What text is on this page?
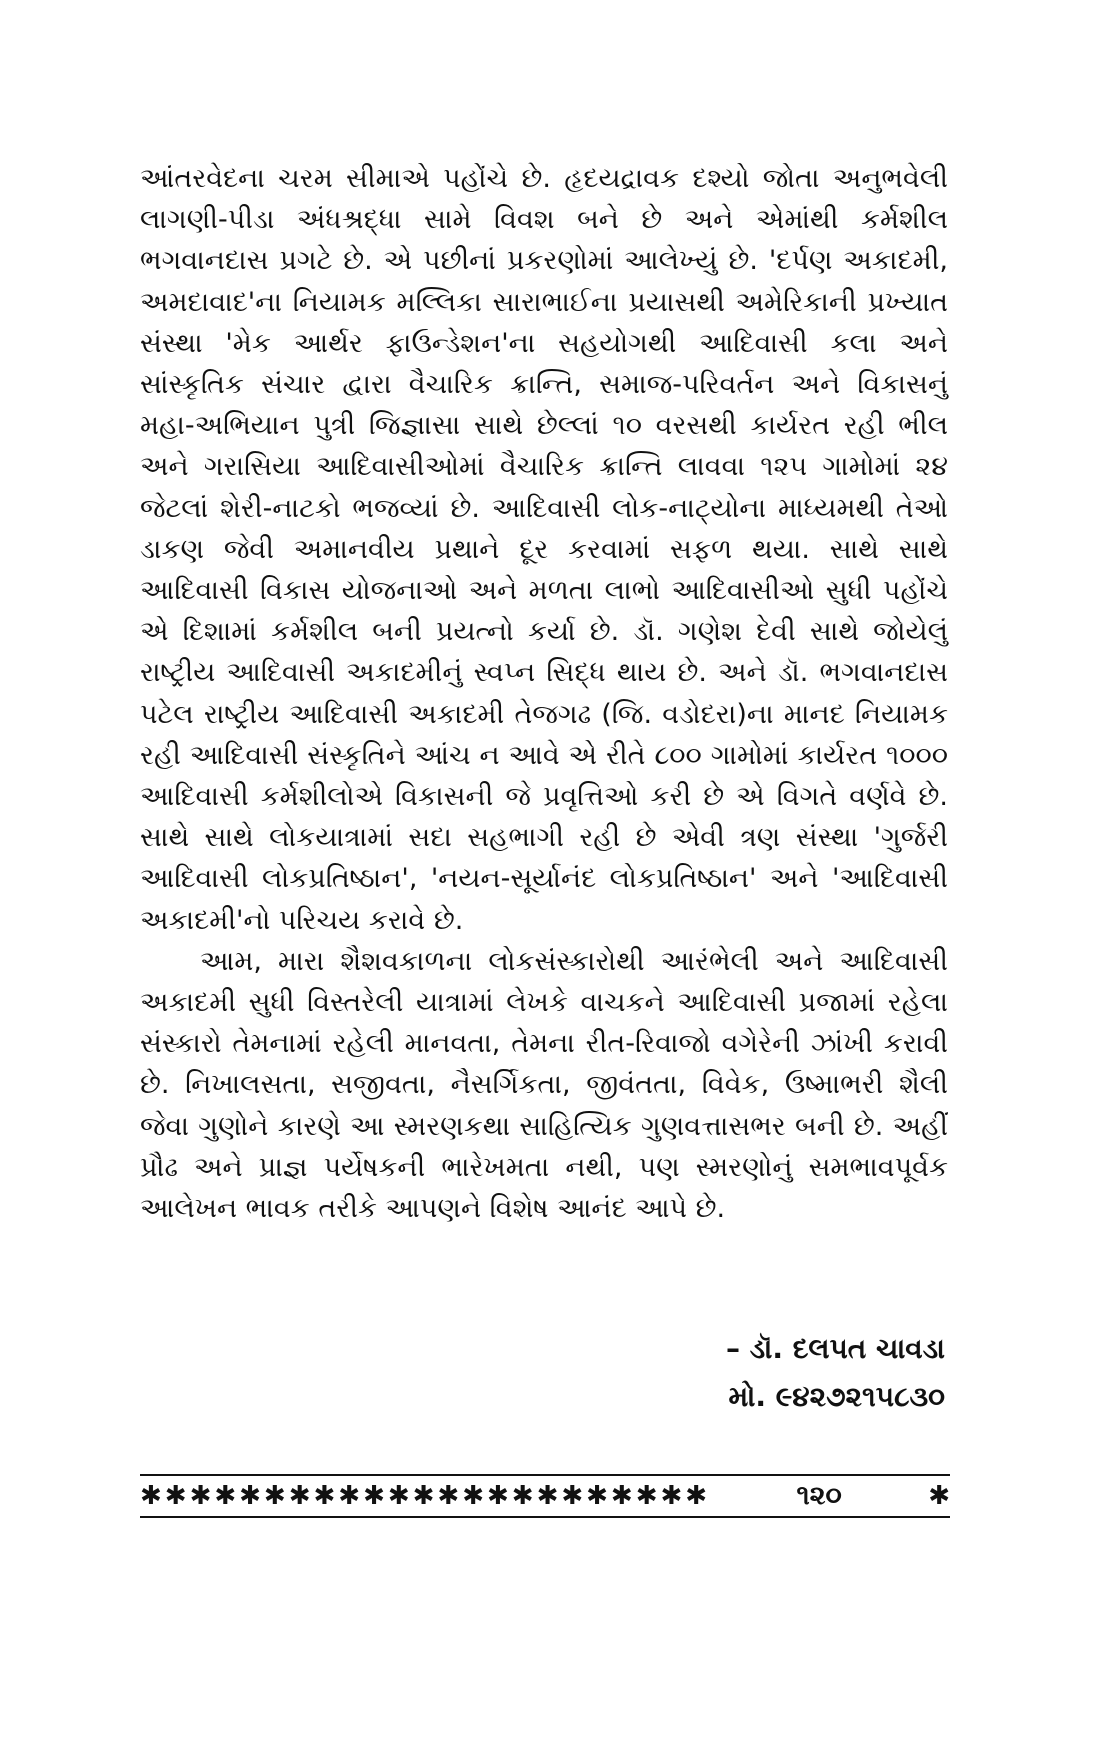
આંતરવેદના ચરમ સીમાએ પહોંચે છે. હૃદયદ્રાવક દશ્યો જોતા અનુભવેલી લાગણી-પીડા અંધશ્રદ્ધા સામે વિવશ બને છે અને એમાંથી કર્મશીલ ભગવાનદાસ પ્રગટે છે. એ પછીનાં પ્રકરણોમાં આલેખ્યું છે. 'દર્પણ અકાદમી, અમદાવાદ'ના નિયામક મલ્લિકા સારાભાઈના પ્રયાસથી અમેરિકાની પ્રખ્યાત સંસ્થા 'મેક આર્થર ફાઉન્ડેશન'ના સહયોગથી આદિવાસી કલા અને સાંસ્કૃતિક સંચાર દ્વારા વૈચારિક ક્રાન્તિ, સમાજ-પરિવર્તન અને વિકાસનું મહા-અભિયાન પુત્રી જિજ્ઞાસા સાથે છેલ્લાં ૧૦ વરસથી કાર્યરત રહી ભીલ અને ગરાસિયા આદિવાસીઓમાં વૈચારિક ક્રાન્તિ લાવવા ૧૨૫ ગામોમાં ૨૪ જેટલાં શેરી-નાટકો ભજવ્યાં છે. આદિવાસી લોક-નાટ્યોના માધ્યમથી તેઓ ડાકણ જેવી અમાનવીય પ્રથાને દૂર કરવામાં સફળ થયા. સાથે સાથે આદિવાસી વિકાસ યોજનાઓ અને મળતા લાભો આદિવાસીઓ સુધી પહોંચે એ દિશામાં કર્મશીલ બની પ્રયત્નો કર્યા છે. ડૉ. ગણેશ દેવી સાથે જોયેલું રાષ્ટ્રીય આદિવાસી અકાદમીનું સ્વપ્ન સિદ્ધ થાય છે. અને ડૉ. ભગવાનદાસ પટેલ રાષ્ટ્રીય આદિવાસી અકાદમી તેજગઢ (જિ. વડોદરા)ના માનદ નિયામક રહી આદિવાસી સંસ્કૃતિને આંચ ન આવે એ રીતે ૮૦૦ ગામોમાં કાર્યરત ૧૦૦૦ આદિવાસી કર્મશીલોએ વિકાસની જે પ્રવૃત્તિઓ કરી છે એ વિગતે વર્ણવે છે. સાથે સાથે લોકયાત્રામાં સદા સહભાગી રહી છે એવી ત્રણ સંસ્થા 'ગુર્જરી આદિવાસી લોકપ્રતિષ્ઠાન', 'નયન-સૂર્યાનંદ લોકપ્રતિષ્ઠાન' અને 'આદિવાસી અકાદમી'નો પરિચય કરાવે છે.

આમ, મારા શૈશવકાળના લોકસંસ્કારોથી આરંભેલી અને આદિવાસી અકાદમી સુધી વિસ્તરેલી યાત્રામાં લેખકે વાચકને આદિવાસી પ્રજામાં રહેલા સંસ્કારો તેમનામાં રહેલી માનવતા, તેમના રીત-રિવાજો વગેરેની ઝાંખી કરાવી છે. નિખાલસતા, સજીવતા, નૈસર્ગિકતા, જીવંતતા, વિવેક, ઉષ્માભરી શૈલી જેવા ગુણોને કારણે આ સ્મરણકથા સાહિત્યિક ગુણવત્તાસભર બની છે. અહીં પ્રૌઢ અને પ્રાજ્ઞ પર્યેષકની ભારેખમતા નથી, પણ સ્મરણોનું સમભાવપૂર્વક આલેખન ભાવક તરીકે આપણને વિશેષ આનંદ આપે છે.

– ડૉ. દલપત ચાવડા
મો. ૯૪૨૭૨૧૫૮૩૦
✱✱✱✱✱✱✱✱✱✱✱✱✱✱✱✱✱✱✱✱✱✱✱	૧૨૦	✱
